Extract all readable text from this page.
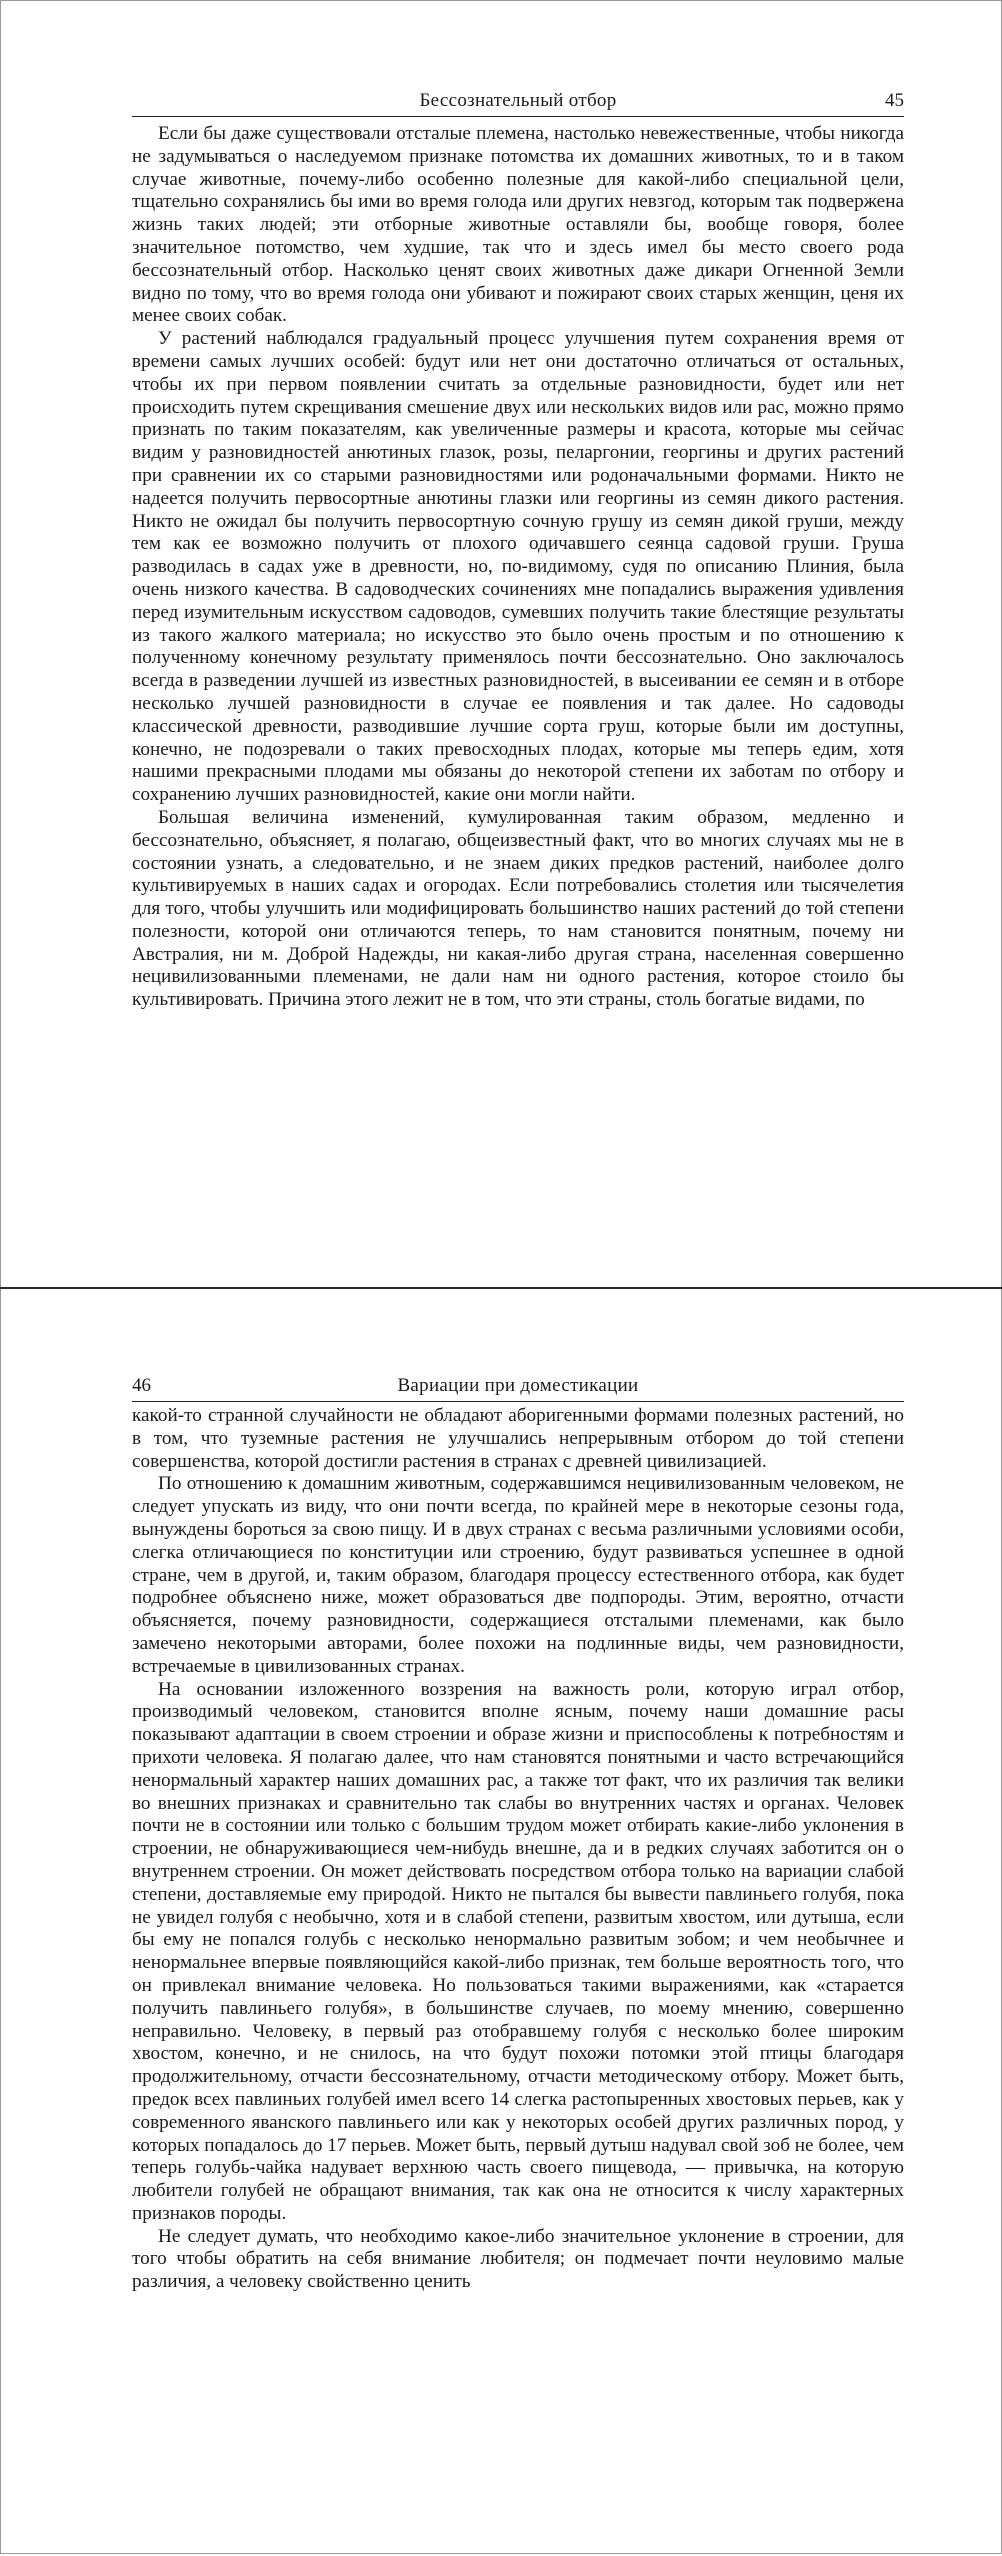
Бессознательный отбор	45

Если бы даже существовали отсталые племена, настолько невежественные, чтобы никогда не задумываться о наследуемом признаке потомства их домашних животных, то и в таком случае животные, почему-либо особенно полезные для какой-либо специальной цели, тщательно сохранялись бы ими во время голода или других невзгод, которым так подвержена жизнь таких людей; эти отборные животные оставляли бы, вообще говоря, более значительное потомство, чем худшие, так что и здесь имел бы место своего рода бессознательный отбор. Насколько ценят своих животных даже дикари Огненной Земли видно по тому, что во время голода они убивают и пожирают своих старых женщин, ценя их менее своих собак.

У растений наблюдался градуальный процесс улучшения путем сохранения время от времени самых лучших особей: будут или нет они достаточно отличаться от остальных, чтобы их при первом появлении считать за отдельные разновидности, будет или нет происходить путем скрещивания смешение двух или нескольких видов или рас, можно прямо признать по таким показателям, как увеличенные размеры и красота, которые мы сейчас видим у разновидностей анютиных глазок, розы, пеларгонии, георгины и других растений при сравнении их со старыми разновидностями или родоначальными формами. Никто не надеется получить первосортные анютины глазки или георгины из семян дикого растения. Никто не ожидал бы получить первосортную сочную грушу из семян дикой груши, между тем как ее возможно получить от плохого одичавшего сеянца садовой груши. Груша разводилась в садах уже в древности, но, по-видимому, судя по описанию Плиния, была очень низкого качества. В садоводческих сочинениях мне попадались выражения удивления перед изумительным искусством садоводов, сумевших получить такие блестящие результаты из такого жалкого материала; но искусство это было очень простым и по отношению к полученному конечному результату применялось почти бессознательно. Оно заключалось всегда в разведении лучшей из известных разновидностей, в высеивании ее семян и в отборе несколько лучшей разновидности в случае ее появления и так далее. Но садоводы классической древности, разводившие лучшие сорта груш, которые были им доступны, конечно, не подозревали о таких превосходных плодах, которые мы теперь едим, хотя нашими прекрасными плодами мы обязаны до некоторой степени их заботам по отбору и сохранению лучших разновидностей, какие они могли найти.

Большая величина изменений, кумулированная таким образом, медленно и бессознательно, объясняет, я полагаю, общеизвестный факт, что во многих случаях мы не в состоянии узнать, а следовательно, и не знаем диких предков растений, наиболее долго культивируемых в наших садах и огородах. Если потребовались столетия или тысячелетия для того, чтобы улучшить или модифицировать большинство наших растений до той степени полезности, которой они отличаются теперь, то нам становится понятным, почему ни Австралия, ни м. Доброй Надежды, ни какая-либо другая страна, населенная совершенно нецивилизованными племенами, не дали нам ни одного растения, которое стоило бы культивировать. Причина этого лежит не в том, что эти страны, столь богатые видами, по

46	Вариации при доместикации

какой-то странной случайности не обладают аборигенными формами полезных растений, но в том, что туземные растения не улучшались непрерывным отбором до той степени совершенства, которой достигли растения в странах с древней цивилизацией.

По отношению к домашним животным, содержавшимся нецивилизованным человеком, не следует упускать из виду, что они почти всегда, по крайней мере в некоторые сезоны года, вынуждены бороться за свою пищу. И в двух странах с весьма различными условиями особи, слегка отличающиеся по конституции или строению, будут развиваться успешнее в одной стране, чем в другой, и, таким образом, благодаря процессу естественного отбора, как будет подробнее объяснено ниже, может образоваться две подпороды. Этим, вероятно, отчасти объясняется, почему разновидности, содержащиеся отсталыми племенами, как было замечено некоторыми авторами, более похожи на подлинные виды, чем разновидности, встречаемые в цивилизованных странах.

На основании изложенного воззрения на важность роли, которую играл отбор, производимый человеком, становится вполне ясным, почему наши домашние расы показывают адаптации в своем строении и образе жизни и приспособлены к потребностям и прихоти человека. Я полагаю далее, что нам становятся понятными и часто встречающийся ненормальный характер наших домашних рас, а также тот факт, что их различия так велики во внешних признаках и сравнительно так слабы во внутренних частях и органах. Человек почти не в состоянии или только с большим трудом может отбирать какие-либо уклонения в строении, не обнаруживающиеся чем-нибудь внешне, да и в редких случаях заботится он о внутреннем строении. Он может действовать посредством отбора только на вариации слабой степени, доставляемые ему природой. Никто не пытался бы вывести павлиньего голубя, пока не увидел голубя с необычно, хотя и в слабой степени, развитым хвостом, или дутыша, если бы ему не попался голубь с несколько ненормально развитым зобом; и чем необычнее и ненормальнее впервые появляющийся какой-либо признак, тем больше вероятность того, что он привлекал внимание человека. Но пользоваться такими выражениями, как «старается получить павлиньего голубя», в большинстве случаев, по моему мнению, совершенно неправильно. Человеку, в первый раз отобравшему голубя с несколько более широким хвостом, конечно, и не снилось, на что будут похожи потомки этой птицы благодаря продолжительному, отчасти бессознательному, отчасти методическому отбору. Может быть, предок всех павлиньих голубей имел всего 14 слегка растопыренных хвостовых перьев, как у современного яванского павлиньего или как у некоторых особей других различных пород, у которых попадалось до 17 перьев. Может быть, первый дутыш надувал свой зоб не более, чем теперь голубь-чайка надувает верхнюю часть своего пищевода, — привычка, на которую любители голубей не обращают внимания, так как она не относится к числу характерных признаков породы.

Не следует думать, что необходимо какое-либо значительное уклонение в строении, для того чтобы обратить на себя внимание любителя; он подмечает почти неуловимо малые различия, а человеку свойственно ценить
